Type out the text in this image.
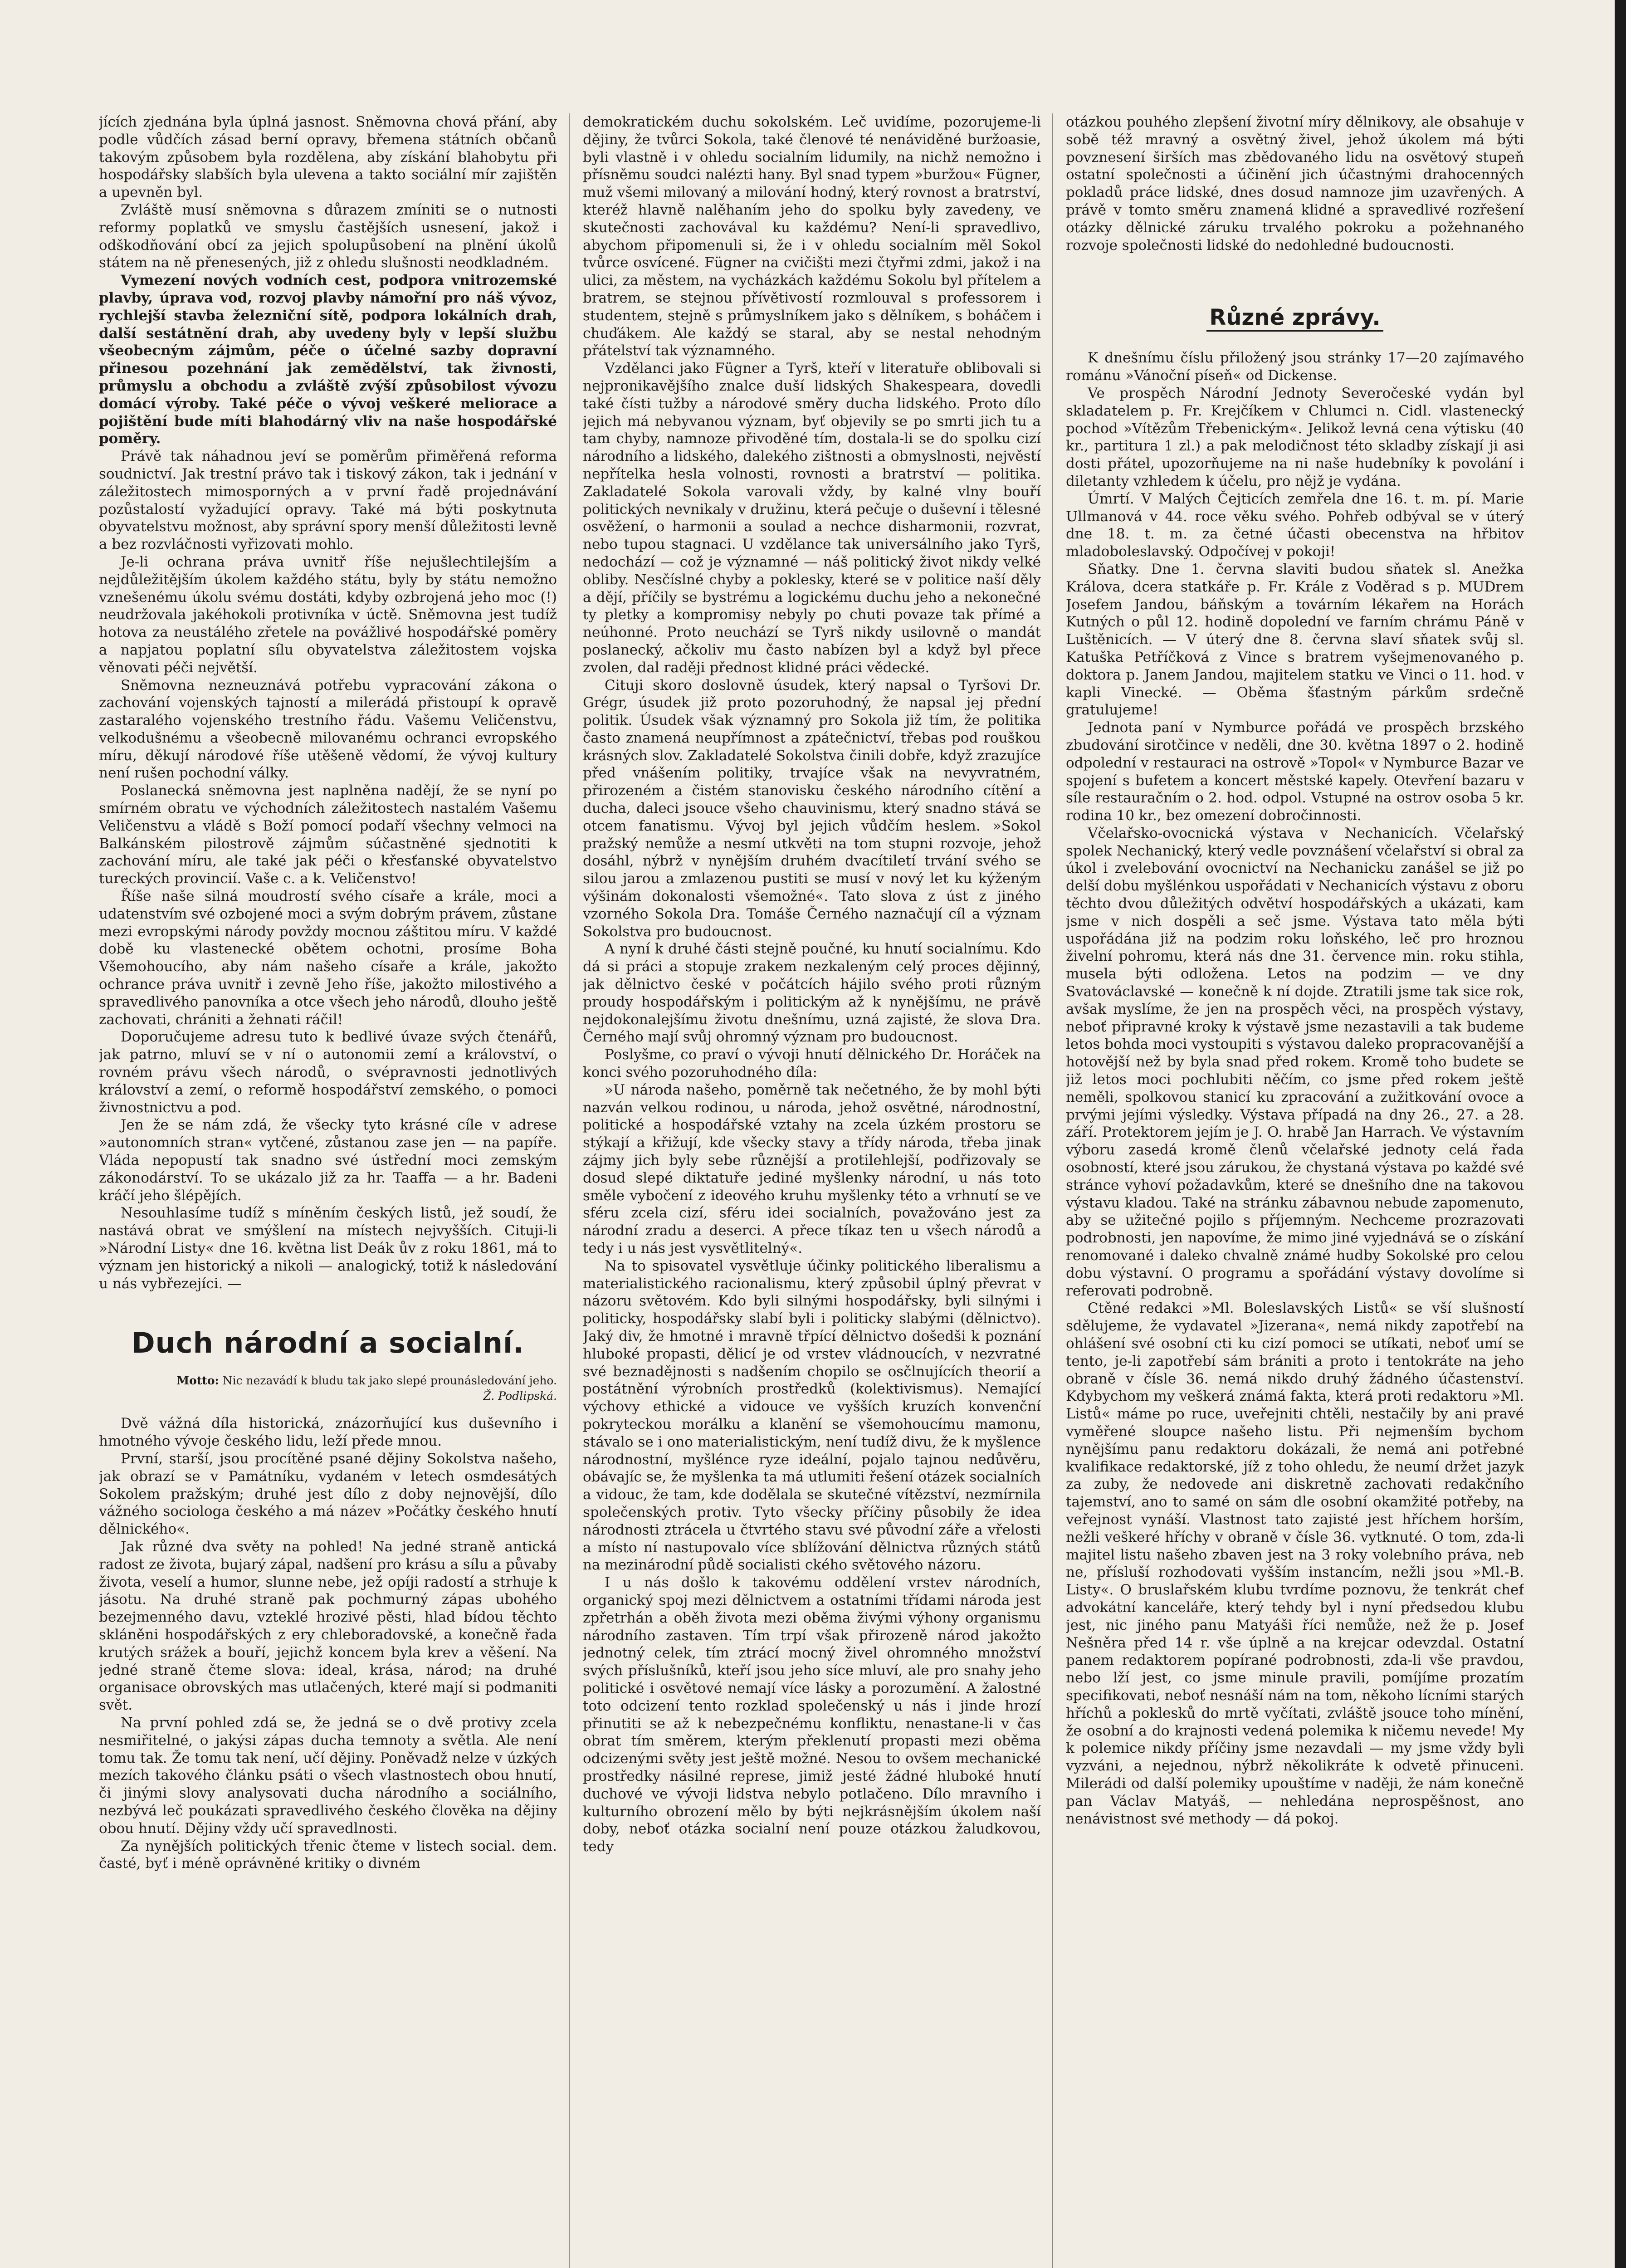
jících zjednána byla úplná jasnost. Sněmovna chová přání, aby podle vůdčích zásad berní opravy, břemena státních občanů takovým způsobem byla rozdělena, aby získání blahobytu při hospodářsky slabších byla ulevena a takto sociální mír zajištěn a upevněn byl.

Zvláště musí sněmovna s důrazem zmíniti se o nutnosti reformy poplatků ve smyslu častějších usnesení, jakož i odškodňování obcí za jejich spolupůsobení na plnění úkolů státem na ně přenesených, již z ohledu slušnosti neodkladném.

Vymezení nových vodních cest, podpora vnitrozemské plavby, úprava vod, rozvoj plavby námořní pro náš vývoz, rychlejší stavba železniční sítě, podpora lokálních drah, další sestátnění drah, aby uvedeny byly v lepší službu všeobecným zájmům, péče o účelné sazby dopravní přinesou pozehnání jak zemědělství, tak živnosti, průmyslu a obchodu a zvláště zvýší způsobilost vývozu domácí výroby. Také péče o vývoj veškeré meliorace a pojištění bude míti blahodárný vliv na naše hospodářské poměry.

Právě tak náhadnou jeví se poměrům přiměřená reforma soudnictví. Jak trestní právo tak i tiskový zákon, tak i jednání v záležitostech mimosporných a v první řadě projednávání pozůstalostí vyžadující opravy. Také má býti poskytnuta obyvatelstvu možnost, aby správní spory menší důležitosti levně a bez rozvláčnosti vyřizovati mohlo.

Je-li ochrana práva uvnitř říše nejušlechtilejším a nejdůležitějším úkolem každého státu, byly by státu nemožno vznešenému úkolu svému dostáti, kdyby ozbrojená jeho moc (!) neudržovala jakéhokoli protivníka v úctě. Sněmovna jest tudíž hotova za neustálého zřetele na povážlivé hospodářské poměry a napjatou poplatní sílu obyvatelstva záležitostem vojska věnovati péči největší.

Sněmovna nezneuznává potřebu vypracování zákona o zachování vojenských tajností a milerádá přistoupí k opravě zastaralého vojenského trestního řádu. Vašemu Veličenstvu, velkodušnému a všeobecně milovanému ochranci evropského míru, děkují národové říše utěšeně vědomí, že vývoj kultury není rušen pochodní války.

Poslanecká sněmovna jest naplněna nadějí, že se nyní po smírném obratu ve východních záležitostech nastalém Vašemu Veličenstvu a vládě s Boží pomocí podaří všechny velmoci na Balkánském pilostrově zájmům súčastněné sjednotiti k zachování míru, ale také jak péči o křesťanské obyvatelstvo tureckých provincií. Vaše c. a k. Veličenstvo!

Říše naše silná moudrostí svého císaře a krále, moci a udatenstvím své ozbojené moci a svým dobrým právem, zůstane mezi evropskými národy povždy mocnou záštitou míru. V každé době ku vlastenecké obětem ochotni, prosíme Boha Všemohoucího, aby nám našeho císaře a krále, jakožto ochrance práva uvnitř i zevně Jeho říše, jakožto milostivého a spravedlivého panovníka a otce všech jeho národů, dlouho ještě zachovati, chrániti a žehnati ráčil!

Doporučujeme adresu tuto k bedlivé úvaze svých čtenářů, jak patrno, mluví se v ní o autonomii zemí a království, o rovném právu všech národů, o svépravnosti jednotlivých království a zemí, o reformě hospodářství zemského, o pomoci živnostnictvu a pod.

Jen že se nám zdá, že všecky tyto krásné cíle v adrese »autonomních stran« vytčené, zůstanou zase jen — na papíře. Vláda nepopustí tak snadno své ústřední moci zemským zákonodárství. To se ukázalo již za hr. Taaffa — a hr. Badeni kráčí jeho šlépějích.

Nesouhlasíme tudíž s míněním českých listů, jež soudí, že nastává obrat ve smýšlení na místech nejvyšších. Cituji-li »Národní Listy« dne 16. května list Deák ův z roku 1861, má to význam jen historický a nikoli — analogický, totiž k následování u nás vybřezejíci. —

Duch národní a socialní.
Motto: Nic nezavádí k bludu tak jako slepé prounásledování jeho.
Ž. Podlipská.

Dvě vážná díla historická, znázorňující kus duševního i hmotného vývoje českého lidu, leží přede mnou.

První, starší, jsou procítěné psané dějiny Sokolstva našeho, jak obrazí se v Památníku, vydaném v letech osmdesátých Sokolem pražským; druhé jest dílo z doby nejnovější, dílo vážného sociologa českého a má název »Počátky českého hnutí dělnického«.

Jak různé dva světy na pohled! Na jedné straně antická radost ze života, bujarý zápal, nadšení pro krásu a sílu a půvaby života, veselí a humor, slunne nebe, jež opíji radostí a strhuje k jásotu. Na druhé straně pak pochmurný zápas ubohého bezejmenného davu, vzteklé hrozivé pěsti, hlad bídou těchto skláněni hospodářských z ery chleboradovské, a konečně řada krutých srážek a bouří, jejichž koncem byla krev a věšení. Na jedné straně čteme slova: ideal, krása, národ; na druhé organisace obrovských mas utlačených, které mají si podmaniti svět.

Na první pohled zdá se, že jedná se o dvě protivy zcela nesmiřitelné, o jakýsi zápas ducha temnoty a světla. Ale není tomu tak. Že tomu tak není, učí dějiny. Poněvadž nelze v úzkých mezích takového článku psáti o všech vlastnostech obou hnutí, či jinými slovy analysovati ducha národního a sociálního, nezbývá leč poukázati spravedlivého českého člověka na dějiny obou hnutí. Dějiny vždy učí spravedlnosti.

Za nynějších politických třenic čteme v listech social. dem. časté, byť i méně oprávněné kritiky o divném

demokratickém duchu sokolském. Leč uvidíme, pozorujeme-li dějiny, že tvůrci Sokola, také členové té nenáviděné buržoasie, byli vlastně i v ohledu socialním lidumily, na nichž nemožno i přísněmu soudci nalézti hany. Byl snad typem »buržou« Fügner, muž všemi milovaný a milování hodný, který rovnost a bratrství, kteréž hlavně nalěhaním jeho do spolku byly zavedeny, ve skutečnosti zachovával ku každému? Není-li spravedlivo, abychom připomenuli si, že i v ohledu socialním měl Sokol tvůrce osvícené. Fügner na cvičišti mezi čtyřmi zdmi, jakož i na ulici, za městem, na vycházkách každému Sokolu byl přítelem a bratrem, se stejnou přívětivostí rozmlouval s professorem i studentem, stejně s průmyslníkem jako s dělníkem, s boháčem i chuďákem. Ale každý se staral, aby se nestal nehodným přátelství tak významného.

Vzdělanci jako Fügner a Tyrš, kteří v literatuře oblibovali si nejpronikavějšího znalce duší lidských Shakespeara, dovedli také čísti tužby a národové směry ducha lidského. Proto dílo jejich má nebyvanou význam, byť objevily se po smrti jich tu a tam chyby, namnoze přivoděné tím, dostala-li se do spolku cizí národního a lidského, dalekého zištnosti a obmyslnosti, nejvěstí nepřítelka hesla volnosti, rovnosti a bratrství — politika. Zakladatelé Sokola varovali vždy, by kalné vlny bouří politických nevnikaly v družinu, která pečuje o duševní i tělesné osvěžení, o harmonii a soulad a nechce disharmonii, rozvrat, nebo tupou stagnaci. U vzdělance tak universálního jako Tyrš, nedochází — což je významné — náš politický život nikdy velké obliby. Nesčíslné chyby a poklesky, které se v politice naší děly a dějí, příčily se bystrému a logickému duchu jeho a nekonečné ty pletky a kompromisy nebyly po chuti povaze tak přímé a neúhonné. Proto neuchází se Tyrš nikdy usilovně o mandát poslanecký, ačkoliv mu často nabízen byl a když byl přece zvolen, dal raději přednost klidné práci vědecké.

Cituji skoro doslovně úsudek, který napsal o Tyršovi Dr. Grégr, úsudek již proto pozoruhodný, že napsal jej přední politik. Úsudek však významný pro Sokola již tím, že politika často znamená neupřímnost a zpátečnictví, třebas pod rouškou krásných slov. Zakladatelé Sokolstva činili dobře, když zrazujíce před vnášením politiky, trvajíce však na nevyvratném, přirozeném a čistém stanovisku českého národního cítění a ducha, daleci jsouce všeho chauvinismu, který snadno stává se otcem fanatismu. Vývoj byl jejich vůdčím heslem. »Sokol pražský nemůže a nesmí utkvěti na tom stupni rozvoje, jehož dosáhl, nýbrž v nynějším druhém dvacítiletí trvání svého se silou jarou a zmlazenou pustiti se musí v nový let ku kýženým výšinám dokonalosti všemožné«. Tato slova z úst z jiného vzorného Sokola Dra. Tomáše Černého naznačují cíl a význam Sokolstva pro budoucnost.

A nyní k druhé části stejně poučné, ku hnutí socialnímu. Kdo dá si práci a stopuje zrakem nezkaleným celý proces dějinný, jak dělnictvo české v počátcích hájilo svého proti různým proudy hospodářským i politickým až k nynějšímu, ne právě nejdokonalejšímu životu dnešnímu, uzná zajisté, že slova Dra. Černého mají svůj ohromný význam pro budoucnost.

Poslyšme, co praví o vývoji hnutí dělnického Dr. Horáček na konci svého pozoruhodného díla:

»U národa našeho, poměrně tak nečetného, že by mohl býti nazván velkou rodinou, u národa, jehož osvětné, národnostní, politické a hospodářské vztahy na zcela úzkém prostoru se stýkají a křižují, kde všecky stavy a třídy národa, třeba jinak zájmy jich byly sebe různější a protilehlejší, podřizovaly se dosud slepé diktatuře jediné myšlenky národní, u nás toto směle vybočení z ideového kruhu myšlenky této a vrhnutí se ve sféru zcela cizí, sféru idei socialních, považováno jest za národní zradu a deserci. A přece tíkaz ten u všech národů a tedy i u nás jest vysvětlitelný«.

Na to spisovatel vysvětluje účinky politického liberalismu a materialistického racionalismu, který způsobil úplný převrat v názoru světovém. Kdo byli silnými hospodářsky, byli silnými i politicky, hospodářsky slabí byli i politicky slabými (dělnictvo). Jaký div, že hmotné i mravně třpící dělnictvo došedši k poznání hluboké propasti, dělicí je od vrstev vládnoucích, v nezvratné své beznadějnosti s nadšením chopilo se osčlnujících theorií a postátnění výrobních prostředků (kolektivismus). Nemající výchovy ethické a vidouce ve vyšších kruzích konvenční pokryteckou morálku a klanění se všemohoucímu mamonu, stávalo se i ono materialistickým, není tudíž divu, že k myšlence národnostní, myšlénce ryze ideální, pojalo tajnou nedůvěru, obávajíc se, že myšlenka ta má utlumiti řešení otázek socialních a vidouc, že tam, kde dodělala se skutečné vítězství, nezmírnila společenských protiv. Tyto všecky příčiny působily že idea národnosti ztrácela u čtvrtého stavu své původní záře a vřelosti a místo ní nastupovalo více sblížování dělnictva různých států na mezinárodní půdě socialisti ckého světového názoru.

I u nás došlo k takovému oddělení vrstev národních, organický spoj mezi dělnictvem a ostatními třídami národa jest zpřetrhán a oběh života mezi oběma živými výhony organismu národního zastaven. Tím trpí však přirozeně národ jakožto jednotný celek, tím ztrácí mocný živel ohromného množství svých příslušníků, kteří jsou jeho síce mluví, ale pro snahy jeho politické i osvětové nemají více lásky a porozumění. A žalostné toto odcizení tento rozklad společenský u nás i jinde hrozí přinutiti se až k nebezpečnému konfliktu, nenastane-li v čas obrat tím směrem, kterým překlenutí propasti mezi oběma odcizenými světy jest ještě možné. Nesou to ovšem mechanické prostředky násilné represe, jimiž jesté žádné hluboké hnutí duchové ve vývoji lidstva nebylo potlačeno. Dílo mravního i kulturního obrození mělo by býti nejkrásnějším úkolem naší doby, neboť otázka socialní není pouze otázkou žaludkovou, tedy

otázkou pouhého zlepšení životní míry dělnikovy, ale obsahuje v sobě též mravný a osvětný živel, jehož úkolem má býti povznesení širších mas zbědovaného lidu na osvětový stupeň ostatní společnosti a účinění jich účastnými drahocenných pokladů práce lidské, dnes dosud namnoze jim uzavřených. A právě v tomto směru znamená klidné a spravedlivé rozřešení otázky dělnické záruku trvalého pokroku a požehnaného rozvoje společnosti lidské do nedohledné budoucnosti.

Různé zprávy.

K dnešnímu číslu přiložený jsou stránky 17—20 zajímavého románu »Vánoční píseň« od Dickense.

Ve prospěch Národní Jednoty Severočeské vydán byl skladatelem p. Fr. Krejčíkem v Chlumci n. Cidl. vlastenecký pochod »Vítězům Třebenickým«. Jelikož levná cena výtisku (40 kr., partitura 1 zl.) a pak melodičnost této skladby získají ji asi dosti přátel, upozorňujeme na ni naše hudebníky k povolání i diletanty vzhledem k účelu, pro nějž je vydána.

Úmrtí. V Malých Čejticích zemřela dne 16. t. m. pí. Marie Ullmanová v 44. roce věku svého. Pohřeb odbýval se v úterý dne 18. t. m. za četné účasti obecenstva na hřbitov mladoboleslavský. Odpočívej v pokoji!

Sňatky. Dne 1. června slaviti budou sňatek sl. Anežka Králova, dcera statkáře p. Fr. Krále z Voděrad s p. MUDrem Josefem Jandou, báňským a továrním lékařem na Horách Kutných o půl 12. hodině dopolední ve farním chrámu Páně v Luštěnicích. — V úterý dne 8. června slaví sňatek svůj sl. Katuška Petříčková z Vince s bratrem vyšejmenovaného p. doktora p. Janem Jandou, majitelem statku ve Vinci o 11. hod. v kapli Vinecké. — Oběma šťastným párkům srdečně gratulujeme!

Jednota paní v Nymburce pořádá ve prospěch brzského zbudování sirotčince v neděli, dne 30. května 1897 o 2. hodině odpolední v restauraci na ostrově »Topol« v Nymburce Bazar ve spojení s bufetem a koncert městské kapely. Otevření bazaru v síle restauračním o 2. hod. odpol. Vstupné na ostrov osoba 5 kr. rodina 10 kr., bez omezení dobročinnosti.

Včelařsko-ovocnická výstava v Nechanicích. Včelařský spolek Nechanický, který vedle povznášení včelařství si obral za úkol i zvelebování ovocnictví na Nechanicku zanášel se již po delší dobu myšlénkou uspořádati v Nechanicích výstavu z oboru těchto dvou důležitých odvětví hospodářských a ukázati, kam jsme v nich dospěli a seč jsme. Výstava tato měla býti uspořádána již na podzim roku loňského, leč pro hroznou živelní pohromu, která nás dne 31. července min. roku stihla, musela býti odložena. Letos na podzim — ve dny Svatováclavské — konečně k ní dojde. Ztratili jsme tak sice rok, avšak myslíme, že jen na prospěch věci, na prospěch výstavy, neboť připravné kroky k výstavě jsme nezastavili a tak budeme letos bohda moci vystoupiti s výstavou daleko propracovanější a hotovější než by byla snad před rokem. Kromě toho budete se již letos moci pochlubiti něčím, co jsme před rokem ještě neměli, spolkovou stanicí ku zpracování a zužitkování ovoce a prvými jejími výsledky. Výstava případá na dny 26., 27. a 28. září. Protektorem jejím je J. O. hrabě Jan Harrach. Ve výstavním výboru zasedá kromě členů včelařské jednoty celá řada osobností, které jsou zárukou, že chystaná výstava po každé své stránce vyhoví požadavkům, které se dnešního dne na takovou výstavu kladou. Také na stránku zábavnou nebude zapomenuto, aby se užitečné pojilo s příjemným. Nechceme prozrazovati podrobnosti, jen napovíme, že mimo jiné vyjednává se o získání renomované i daleko chvalně známé hudby Sokolské pro celou dobu výstavní. O programu a spořádání výstavy dovolíme si referovati podrobně.

Ctěné redakci »Ml. Boleslavských Listů« se vší slušností sdělujeme, že vydavatel »Jizerana«, nemá nikdy zapotřebí na ohlášení své osobní cti ku cizí pomoci se utíkati, neboť umí se tento, je-li zapotřebí sám brániti a proto i tentokráte na jeho obraně v čísle 36. nemá nikdo druhý žádného účastenství. Kdybychom my veškerá známá fakta, která proti redaktoru »Ml. Listů« máme po ruce, uveřejniti chtěli, nestačily by ani pravé vyměřené sloupce našeho listu. Při nejmenším bychom nynějšímu panu redaktoru dokázali, že nemá ani potřebné kvalifikace redaktorské, jíž z toho ohledu, že neumí držet jazyk za zuby, že nedovede ani diskretně zachovati redakčního tajemství, ano to samé on sám dle osobní okamžité potřeby, na veřejnost vynáší. Vlastnost tato zajisté jest hříchem horším, nežli veškeré hříchy v obraně v čísle 36. vytknuté. O tom, zda-li majitel listu našeho zbaven jest na 3 roky volebního práva, neb ne, přísluší rozhodovati vyšším instancím, nežli jsou »Ml.-B. Listy«. O bruslařském klubu tvrdíme poznovu, že tenkrát chef advokátní kanceláře, který tehdy byl i nyní předsedou klubu jest, nic jiného panu Matyáši říci nemůže, než že p. Josef Nešněra před 14 r. vše úplně a na krejcar odevzdal. Ostatní panem redaktorem popírané podrobnosti, zda-li vše pravdou, nebo lží jest, co jsme minule pravili, pomíjíme prozatím specifikovati, neboť nesnáší nám na tom, někoho lícními starých hříchů a poklesků do mrtě vyčítati, zvláště jsouce toho mínění, že osobní a do krajnosti vedená polemika k ničemu nevede! My k polemice nikdy příčiny jsme nezavdali — my jsme vždy byli vyzváni, a nejednou, nýbrž několikráte k odvetě přinuceni. Milerádi od další polemiky upouštíme v naději, že nám konečně pan Václav Matyáš, — nehledána neprospěšnost, ano nenávistnost své methody — dá pokoj.
